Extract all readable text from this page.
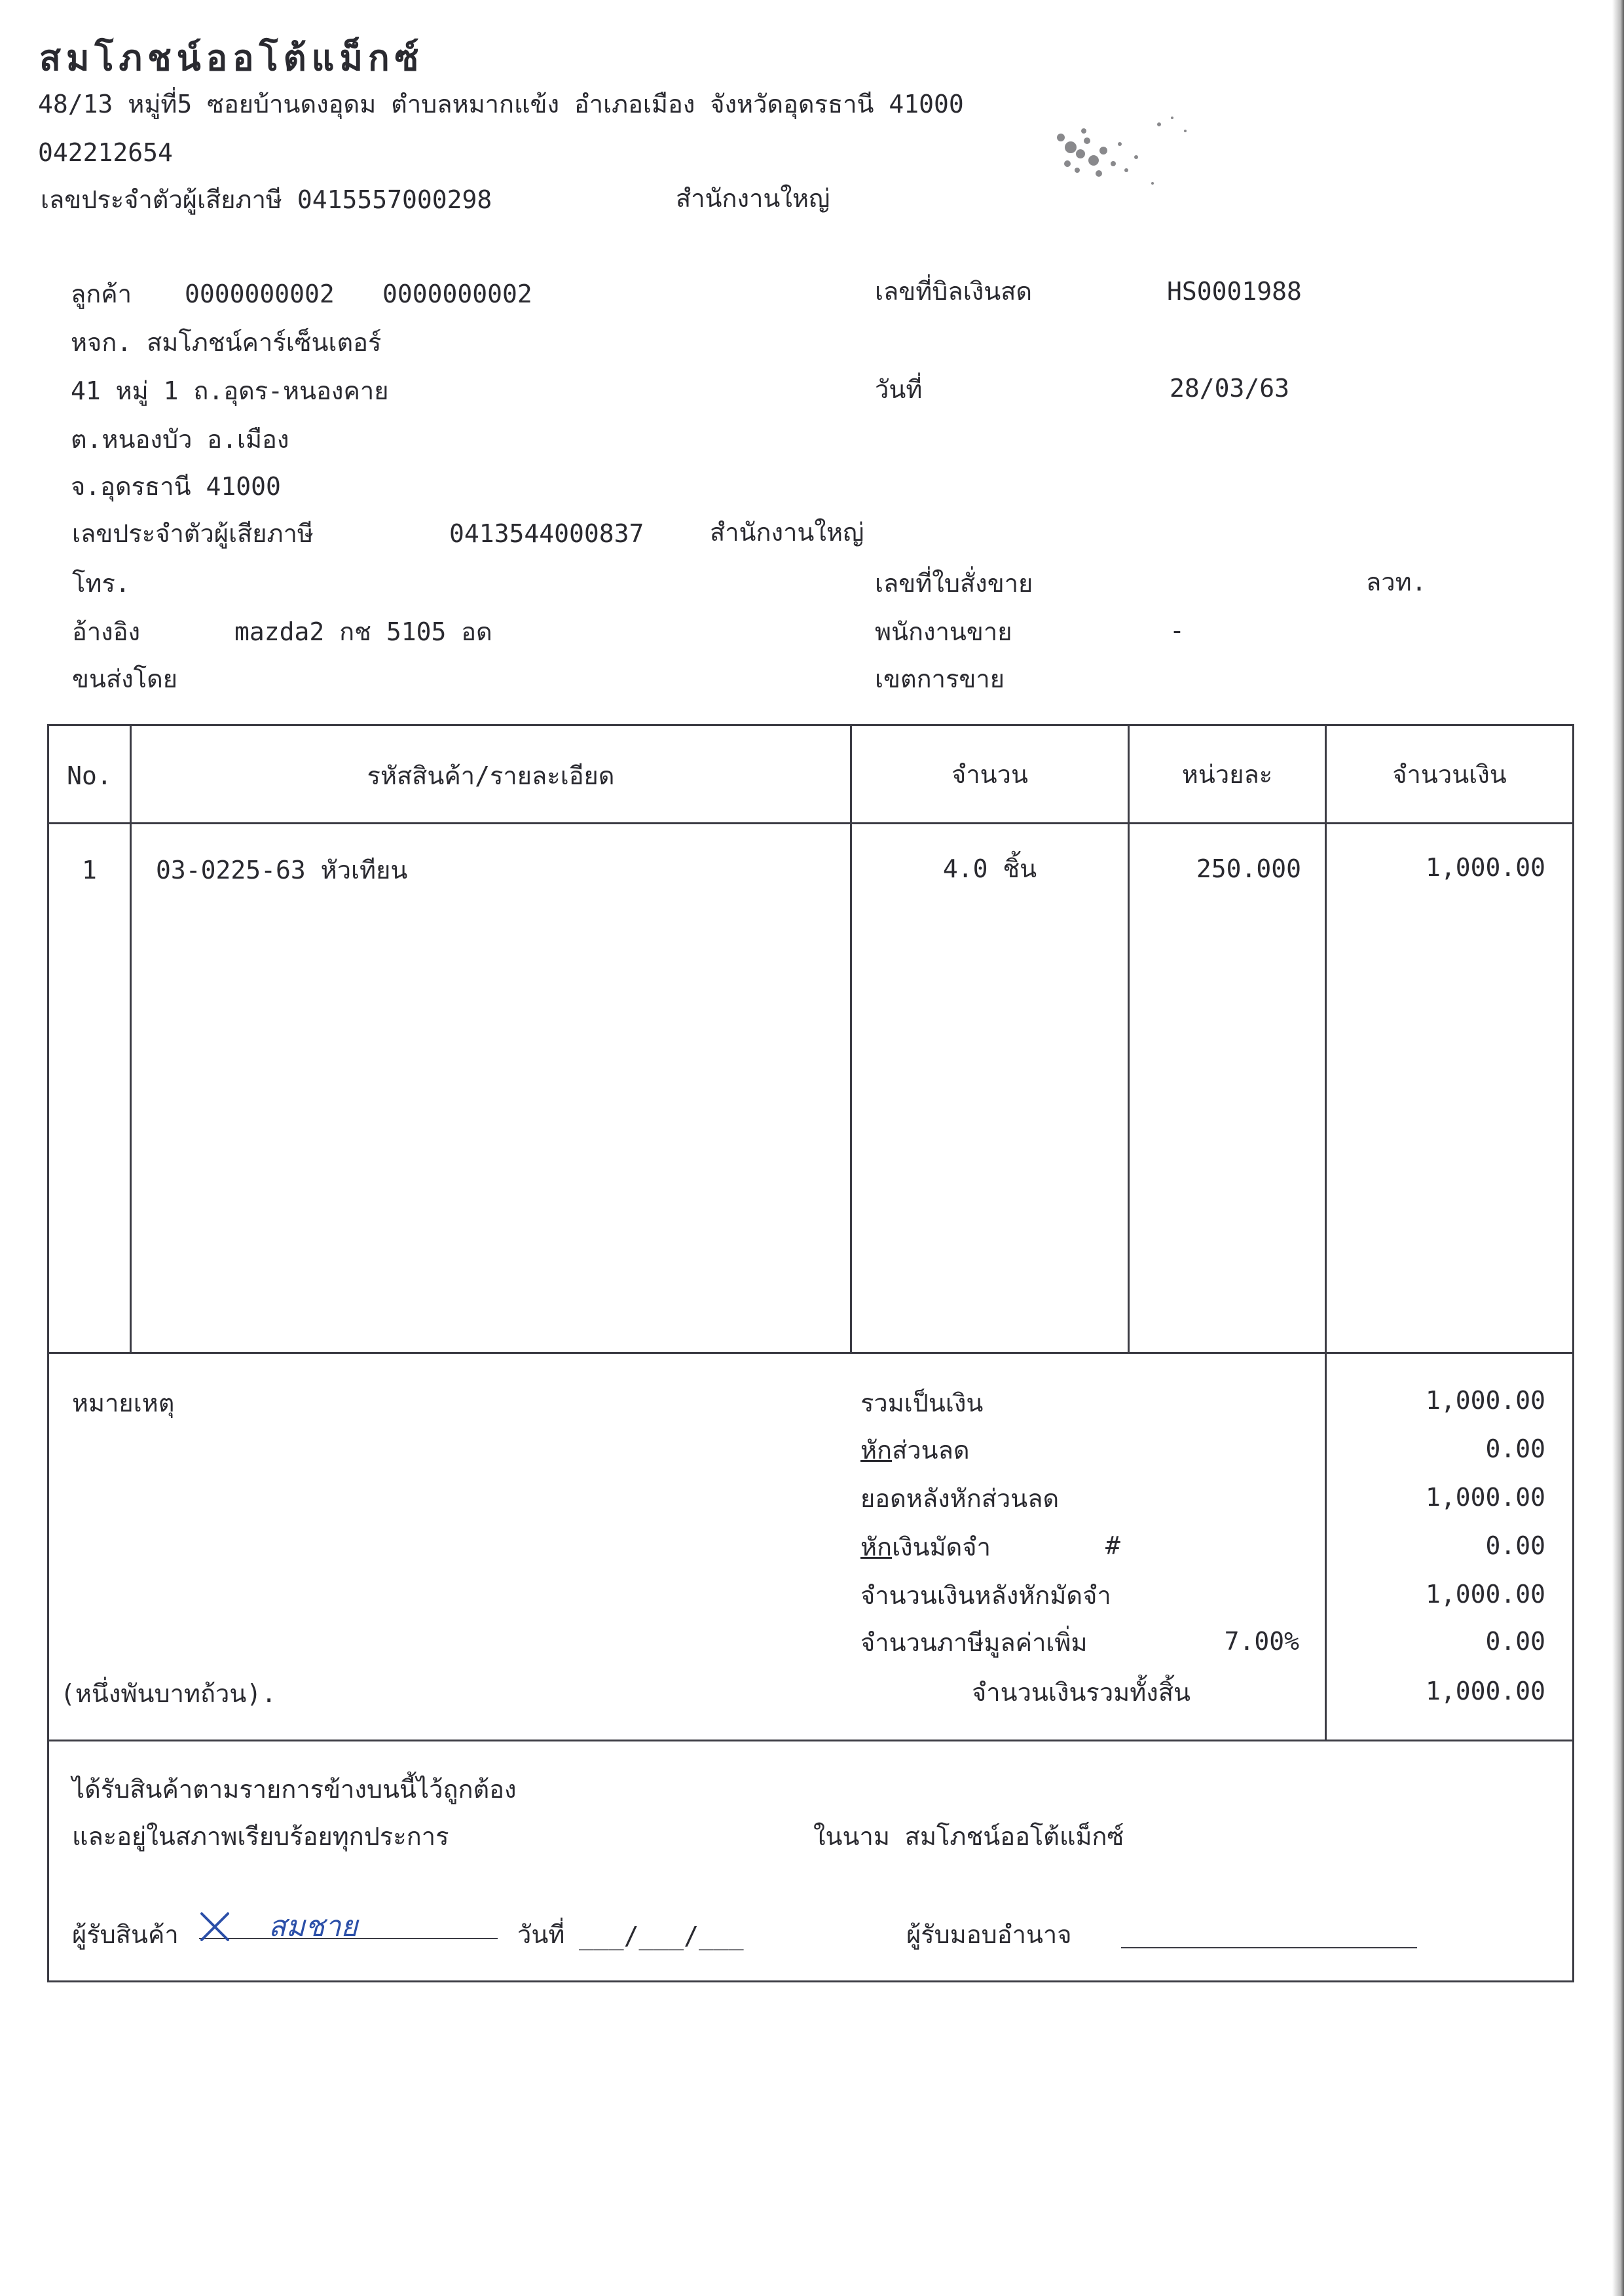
สมโภชน์ออโต้แม็กซ์
48/13 หมู่ที่5 ซอยบ้านดงอุดม ตำบลหมากแข้ง อำเภอเมือง จังหวัดอุดรธานี 41000
042212654
เลขประจำตัวผู้เสียภาษี 0415557000298	สำนักงานใหญ่
ลูกค้า 0000000002 0000000002
หจก. สมโภชน์คาร์เซ็นเตอร์
41 หมู่ 1 ถ.อุดร-หนองคาย
ต.หนองบัว อ.เมือง
จ.อุดรธานี 41000
เลขประจำตัวผู้เสียภาษี	0413544000837	สำนักงานใหญ่
โทร.
อ้างอิง	mazda2 กช 5105 อด
ขนส่งโดย
เลขที่บิลเงินสด	HS0001988
วันที่	28/03/63
เลขที่ใบสั่งขาย	ลวท.
พนักงานขาย	-
เขตการขาย
No.	รหัสสินค้า/รายละเอียด	จำนวน	หน่วยละ	จำนวนเงิน
1	03-0225-63 หัวเทียน	4.0 ชิ้น	250.000	1,000.00
หมายเหตุ	รวมเป็นเงิน	1,000.00
หักส่วนลด	0.00
ยอดหลังหักส่วนลด	1,000.00
หักเงินมัดจำ	#	0.00
จำนวนเงินหลังหักมัดจำ	1,000.00
จำนวนภาษีมูลค่าเพิ่ม	7.00%	0.00
(หนึ่งพันบาทถ้วน).	จำนวนเงินรวมทั้งสิ้น	1,000.00
ได้รับสินค้าตามรายการข้างบนนี้ไว้ถูกต้อง
และอยู่ในสภาพเรียบร้อยทุกประการ	ในนาม สมโภชน์ออโต้แม็กซ์
ผู้รับสินค้า	สมชาย	วันที่ ___/___/___	ผู้รับมอบอำนาจ
